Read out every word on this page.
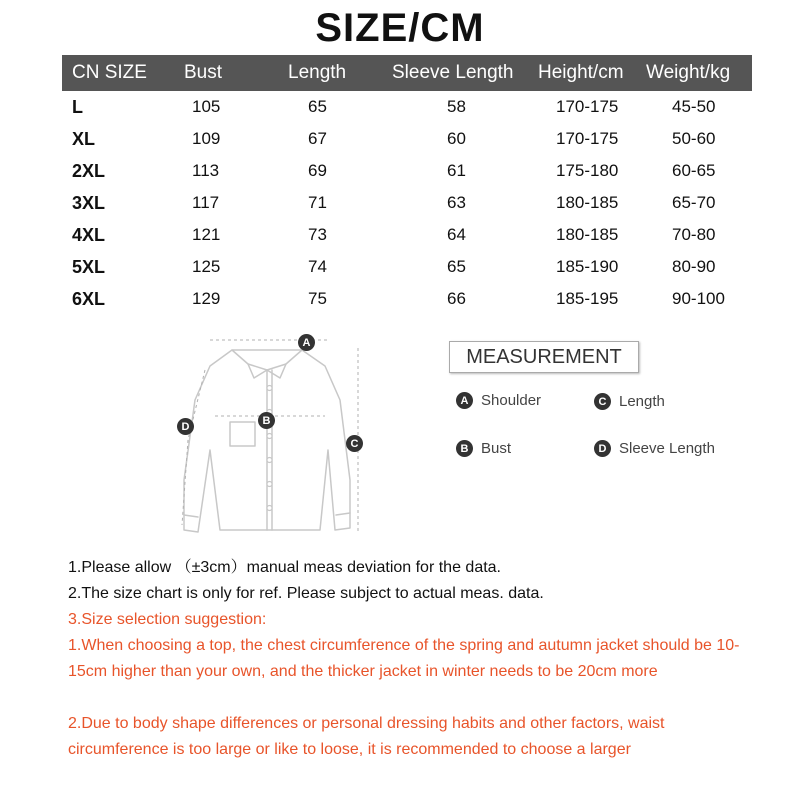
SIZE/CM
CN SIZE	Bust	Length	Sleeve Length	Height/cm	Weight/kg
L	105	65	58	170-175	45-50
XL	109	67	60	170-175	50-60
2XL	113	69	61	175-180	60-65
3XL	117	71	63	180-185	65-70
4XL	121	73	64	180-185	70-80
5XL	125	74	65	185-190	80-90
6XL	129	75	66	185-195	90-100
A
B
C
D
MEASUREMENT
A Shoulder	C Length
B Bust	D Sleeve Length

1.Please allow （±3cm）manual meas deviation for the data.

2.The size chart is only for ref. Please subject to actual meas. data.

3.Size selection suggestion:

1.When choosing a top, the chest circumference of the spring and autumn jacket should be 10-15cm higher than your own, and the thicker jacket in winter needs to be 20cm more

2.Due to body shape differences or personal dressing habits and other factors, waist circumference is too large or like to loose, it is recommended to choose a larger
